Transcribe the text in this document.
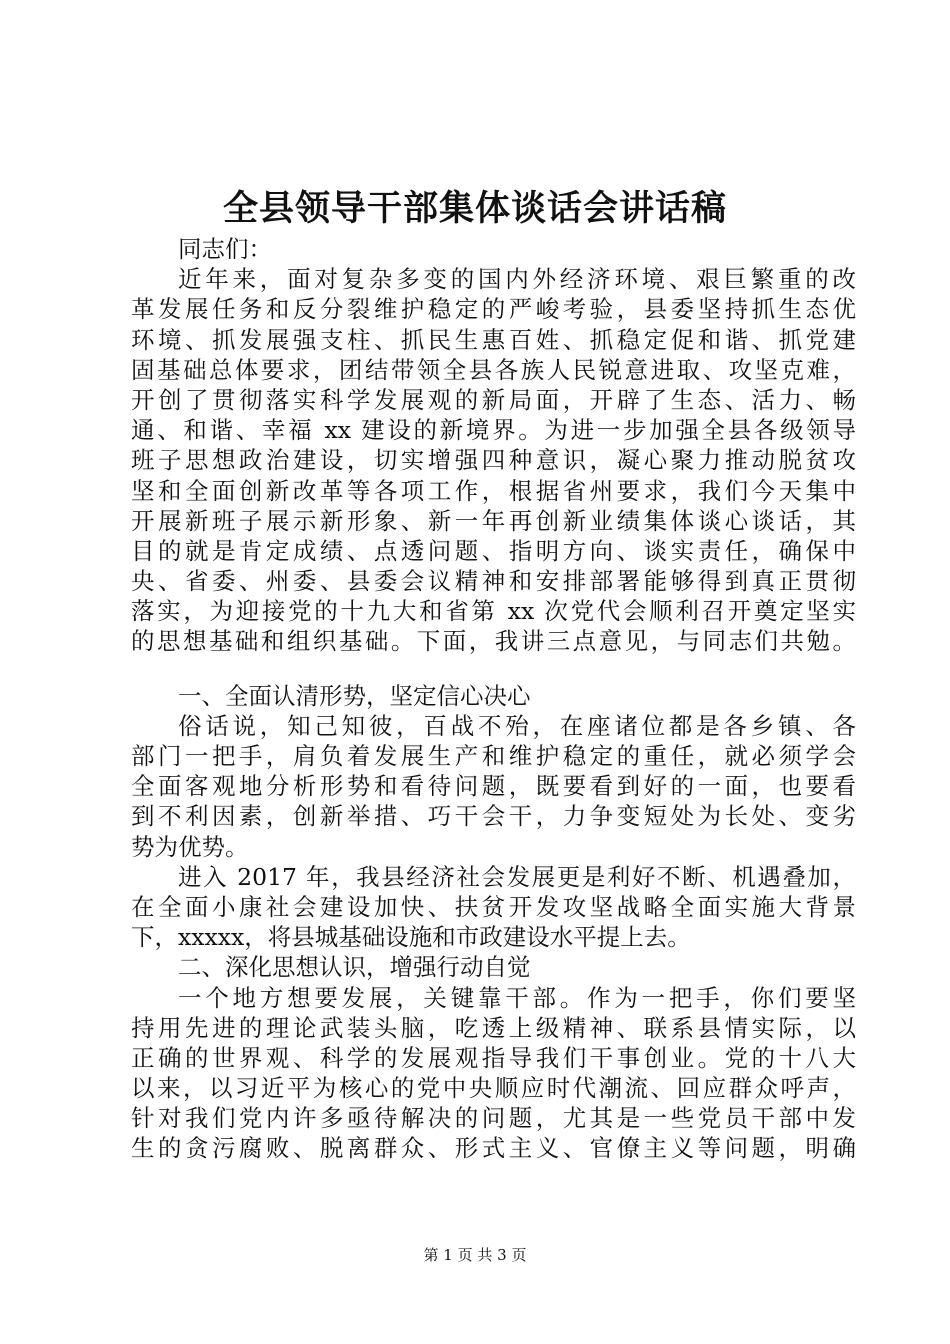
全县领导干部集体谈话会讲话稿
同志们：
近年来，面对复杂多变的国内外经济环境、艰巨繁重的改
革发展任务和反分裂维护稳定的严峻考验，县委坚持抓生态优
环境、抓发展强支柱、抓民生惠百姓、抓稳定促和谐、抓党建
固基础总体要求，团结带领全县各族人民锐意进取、攻坚克难，
开创了贯彻落实科学发展观的新局面，开辟了生态、活力、畅
通、和谐、幸福 xx 建设的新境界。为进一步加强全县各级领导
班子思想政治建设，切实增强四种意识，凝心聚力推动脱贫攻
坚和全面创新改革等各项工作，根据省州要求，我们今天集中
开展新班子展示新形象、新一年再创新业绩集体谈心谈话，其
目的就是肯定成绩、点透问题、指明方向、谈实责任，确保中
央、省委、州委、县委会议精神和安排部署能够得到真正贯彻
落实，为迎接党的十九大和省第 xx 次党代会顺利召开奠定坚实
的思想基础和组织基础。下面，我讲三点意见，与同志们共勉。
一、全面认清形势，坚定信心决心
俗话说，知己知彼，百战不殆，在座诸位都是各乡镇、各
部门一把手，肩负着发展生产和维护稳定的重任，就必须学会
全面客观地分析形势和看待问题，既要看到好的一面，也要看
到不利因素，创新举措、巧干会干，力争变短处为长处、变劣
势为优势。
进入 2017 年，我县经济社会发展更是利好不断、机遇叠加，
在全面小康社会建设加快、扶贫开发攻坚战略全面实施大背景
下，xxxxx，将县城基础设施和市政建设水平提上去。
二、深化思想认识，增强行动自觉
一个地方想要发展，关键靠干部。作为一把手，你们要坚
持用先进的理论武装头脑，吃透上级精神、联系县情实际，以
正确的世界观、科学的发展观指导我们干事创业。党的十八大
以来，以习近平为核心的党中央顺应时代潮流、回应群众呼声，
针对我们党内许多亟待解决的问题，尤其是一些党员干部中发
生的贪污腐败、脱离群众、形式主义、官僚主义等问题，明确
第 1 页 共 3 页
